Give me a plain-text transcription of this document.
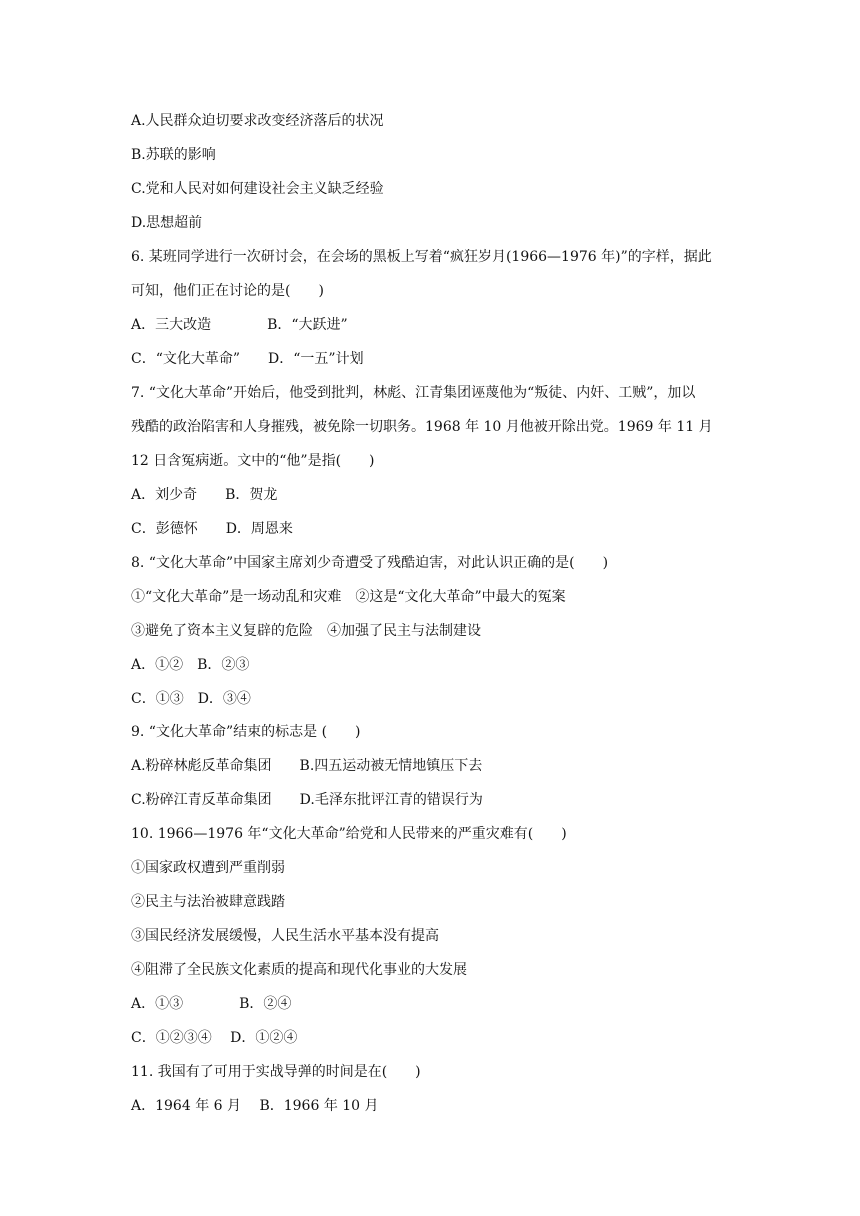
A.人民群众迫切要求改变经济落后的状况
B.苏联的影响
C.党和人民对如何建设社会主义缺乏经验
D.思想超前
6. 某班同学进行一次研讨会，在会场的黑板上写着“疯狂岁月(1966—1976 年)”的字样，据此
可知，他们正在讨论的是(　　)
A．三大改造　　　　B．“大跃进”
C．“文化大革命”　　D．“一五”计划
7. “文化大革命”开始后，他受到批判，林彪、江青集团诬蔑他为“叛徒、内奸、工贼”，加以
残酷的政治陷害和人身摧残，被免除一切职务。1968 年 10 月他被开除出党。1969 年 11 月
12 日含冤病逝。文中的“他”是指(　　)
A．刘少奇　　B．贺龙
C．彭德怀　　D．周恩来
8. “文化大革命”中国家主席刘少奇遭受了残酷迫害，对此认识正确的是(　　)
①“文化大革命”是一场动乱和灾难　②这是“文化大革命”中最大的冤案
③避免了资本主义复辟的危险　④加强了民主与法制建设
A．①②　B．②③
C．①③　D．③④
9. “文化大革命”结束的标志是 (　　)
A.粉碎林彪反革命集团　　B.四五运动被无情地镇压下去
C.粉碎江青反革命集团　　D.毛泽东批评江青的错误行为
10. 1966—1976 年“文化大革命”给党和人民带来的严重灾难有(　　)
①国家政权遭到严重削弱
②民主与法治被肆意践踏
③国民经济发展缓慢，人民生活水平基本没有提高
④阻滞了全民族文化素质的提高和现代化事业的大发展
A．①③　　　　B．②④
C．①②③④　 D．①②④
11. 我国有了可用于实战导弹的时间是在(　　)
A．1964 年 6 月　 B．1966 年 10 月
